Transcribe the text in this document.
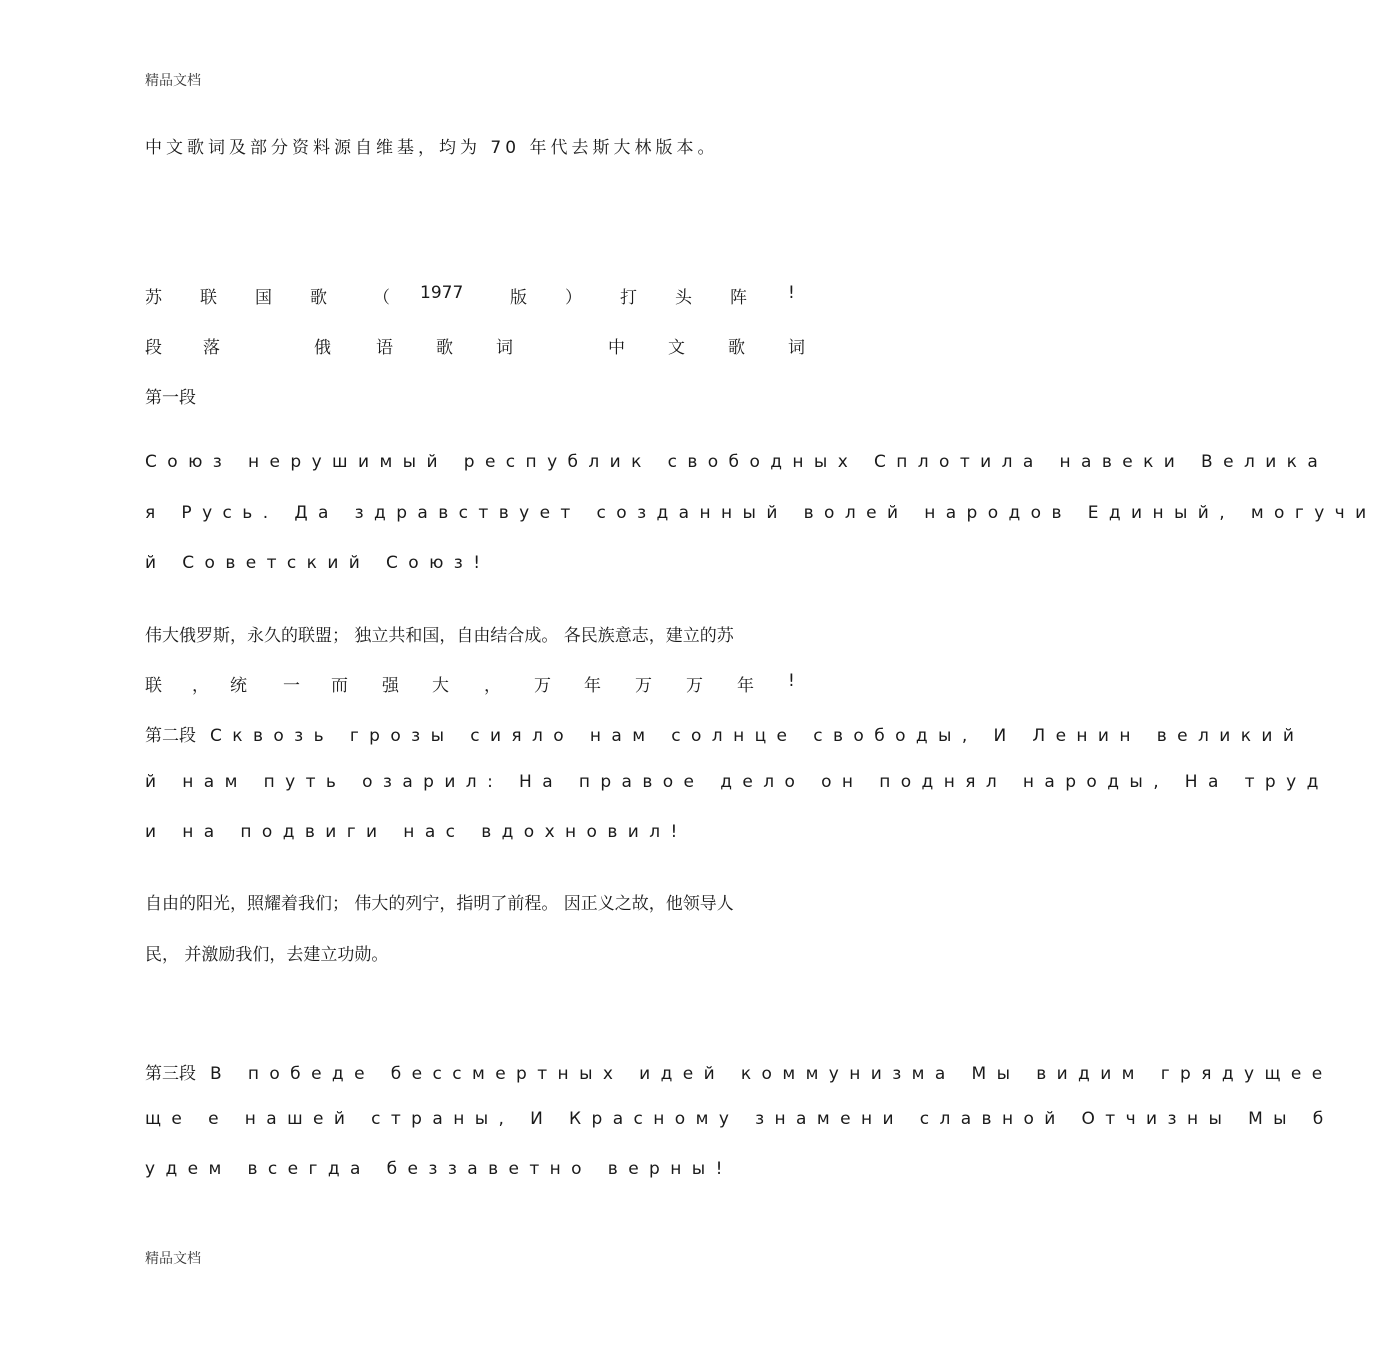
精品文档
中文歌词及部分资料源自维基，均为 70 年代去斯大林版本。
苏 联 国 歌	（ 1977	版 ） 打 头 阵 !
段 落	俄	语	歌	词	中	文	歌	词
第一段
Союз нерушимый республик свободных Сплотила навеки Велика
я Русь. Да здравствует созданный волей народов Единый, могучи
й Советский Союз!
伟大俄罗斯，永久的联盟； 独立共和国，自由结合成。 各民族意志，建立的苏
联 ， 统 一 而 强 大 ， 万 年 万 万 年 !
第二段 Сквозь грозы сияло нам солнце свободы, И Ленин великий
й нам путь озарил: На правое дело он поднял народы, На труд
и на подвиги нас вдохновил!
自由的阳光，照耀着我们； 伟大的列宁，指明了前程。 因正义之故，他领导人
民， 并激励我们，去建立功勋。
第三段 В победе бессмертных идей коммунизма Мы видим грядущее
ще е нашей страны, И Красному знамени славной Отчизны Мы б
удем всегда беззаветно верны!
精品文档
